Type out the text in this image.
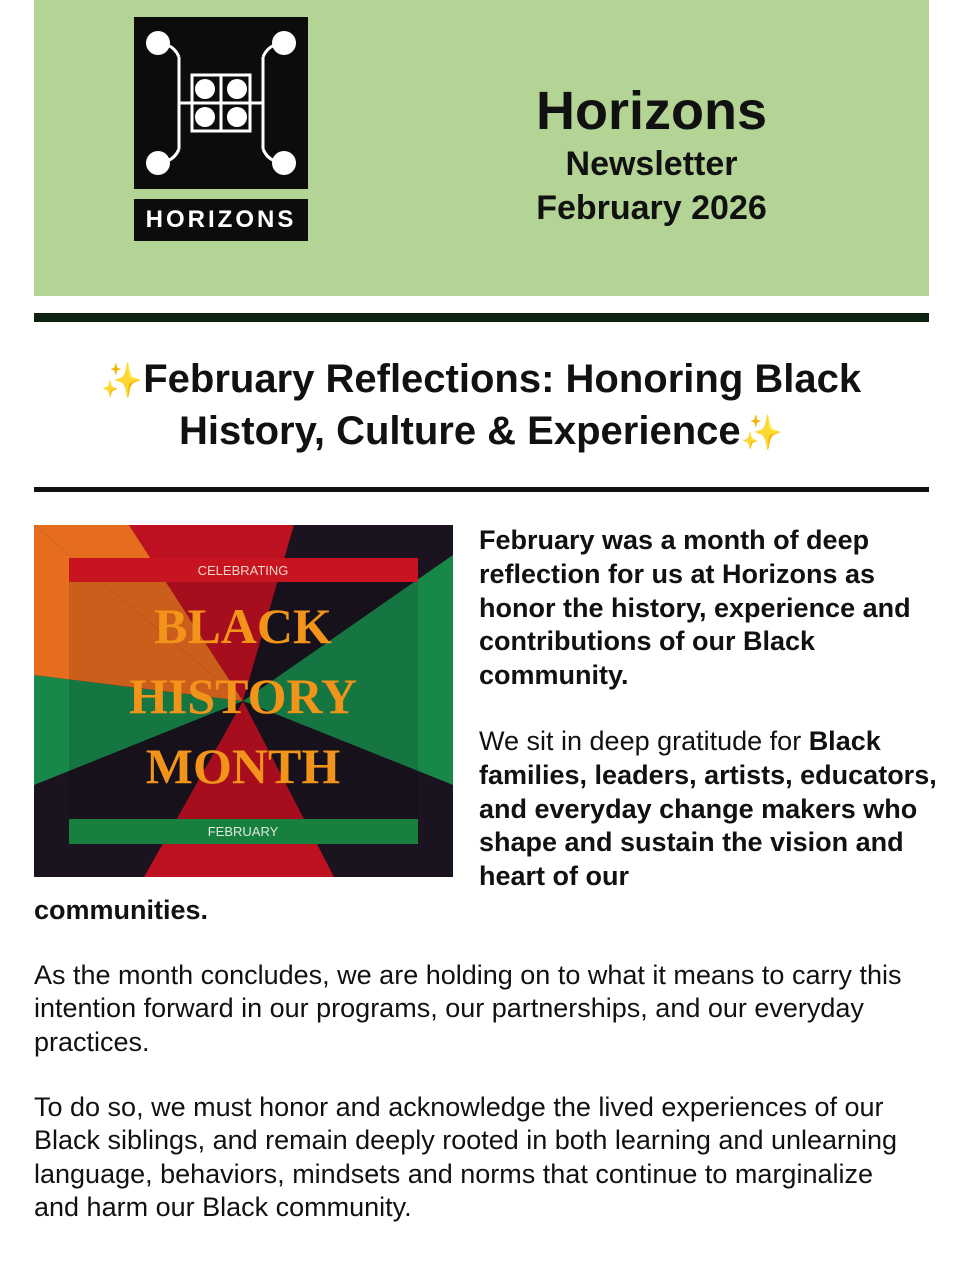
HORIZONS
Horizons
Newsletter
February 2026
✨February Reflections: Honoring Black History, Culture & Experience✨
CELEBRATING
BLACK
HISTORY
MONTH
FEBRUARY
February was a month of deep reflection for us at Horizons as honor the history, experience and contributions of our Black community.
We sit in deep gratitude for Black families, leaders, artists, educators, and everyday change makers who shape and sustain the vision and heart of our
communities.
As the month concludes, we are holding on to what it means to carry this intention forward in our programs, our partnerships, and our everyday practices.
To do so, we must honor and acknowledge the lived experiences of our Black siblings, and remain deeply rooted in both learning and unlearning language, behaviors, mindsets and norms that continue to marginalize and harm our Black community.
